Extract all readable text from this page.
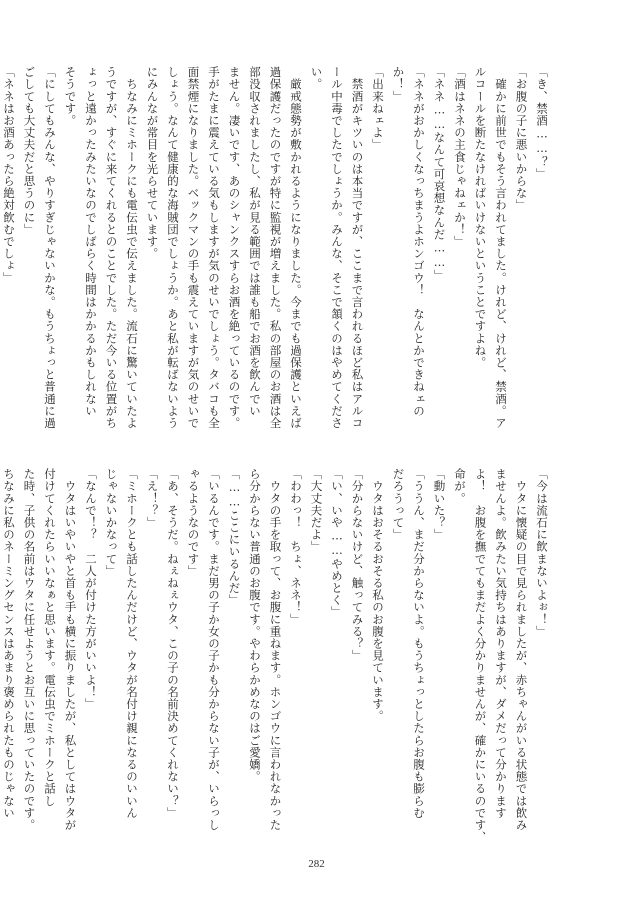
「き、禁酒……？」
「お腹の子に悪いからな」
　確かに前世でもそう言われてました。けれど、けれど、禁酒。ア
ルコールを断たなければいけないということですよね。
「酒はネネの主食じゃねェか！」
「ネネ……なんて可哀想なんだ……」
「ネネがおかしくなっちまうよホンゴウ！　なんとかできねェの
か！」
「出来ねェよ」
　禁酒がキツいのは本当ですが、ここまで言われるほど私はアルコ
ール中毒でしたでしょうか。みんな、そこで頷くのはやめてくださ
い。
　厳戒態勢が敷かれるようになりました。今までも過保護といえば
過保護だったのですが特に監視が増えました。私の部屋のお酒は全
部没収されましたし、私が見る範囲では誰も船でお酒を飲んでい
ません。凄いです、あのシャンクスすらお酒を絶っているのです。
手がたまに震えている気もしますが気のせいでしょう。タバコも全
面禁煙になりました。ベックマンの手も震えていますが気のせいで
しょう。なんて健康的な海賊団でしょうか。あと私が転ばないよう
にみんなが常目を光らせています。
　ちなみにミホークにも電伝虫で伝えました。流石に驚いていたよ
うですが、すぐに来てくれるとのことでした。ただ今いる位置がち
ょっと遠かったみたいなのでしばらく時間はかかるかもしれない
そうです。
「にしてもみんな、やりすぎじゃないかな。もうちょっと普通に過
ごしても大丈夫だと思うのに」
「ネネはお酒あったら絶対飲むでしょ」
「今は流石に飲まないよぉ！」
　ウタに懐疑の目で見られましたが、赤ちゃんがいる状態では飲み
ませんよ。飲みたい気持ちはありますが、ダメだって分かります
よ！　お腹を撫でてもまだよく分かりませんが、確かにいるのです、
命が。
「動いた？」
「ううん、まだ分からないよ。もうちょっとしたらお腹も膨らむ
だろうって」
　ウタはおそるおそる私のお腹を見ています。
「分からないけど、触ってみる？」
「い、いや……やめとく」
「大丈夫だよ」
「わわっ！　ちょ、ネネ！」
　ウタの手を取って、お腹に重ねます。ホンゴウに言われなかった
ら分からない普通のお腹です。やわらかめなのはご愛嬌。
「……ここにいるんだ」
「いるんです。まだ男の子か女の子かも分からない子が、いらっし
ゃるようなのです」
「あ、そうだ。ねぇねぇウタ、この子の名前決めてくれない？」
「え！？」
「ミホークとも話したんだけど、ウタが名付け親になるのいいん
じゃないかなって」
「なんで！？　二人が付けた方がいいよ！」
　ウタはいやいやと首も手も横に振りましたが、私としてはウタが
付けてくれたらいいなぁと思います。電伝虫でミホークと話し
た時、子供の名前はウタに任せようとお互いに思っていたのです。
ちなみに私のネーミングセンスはあまり褒められたものじゃない
282
